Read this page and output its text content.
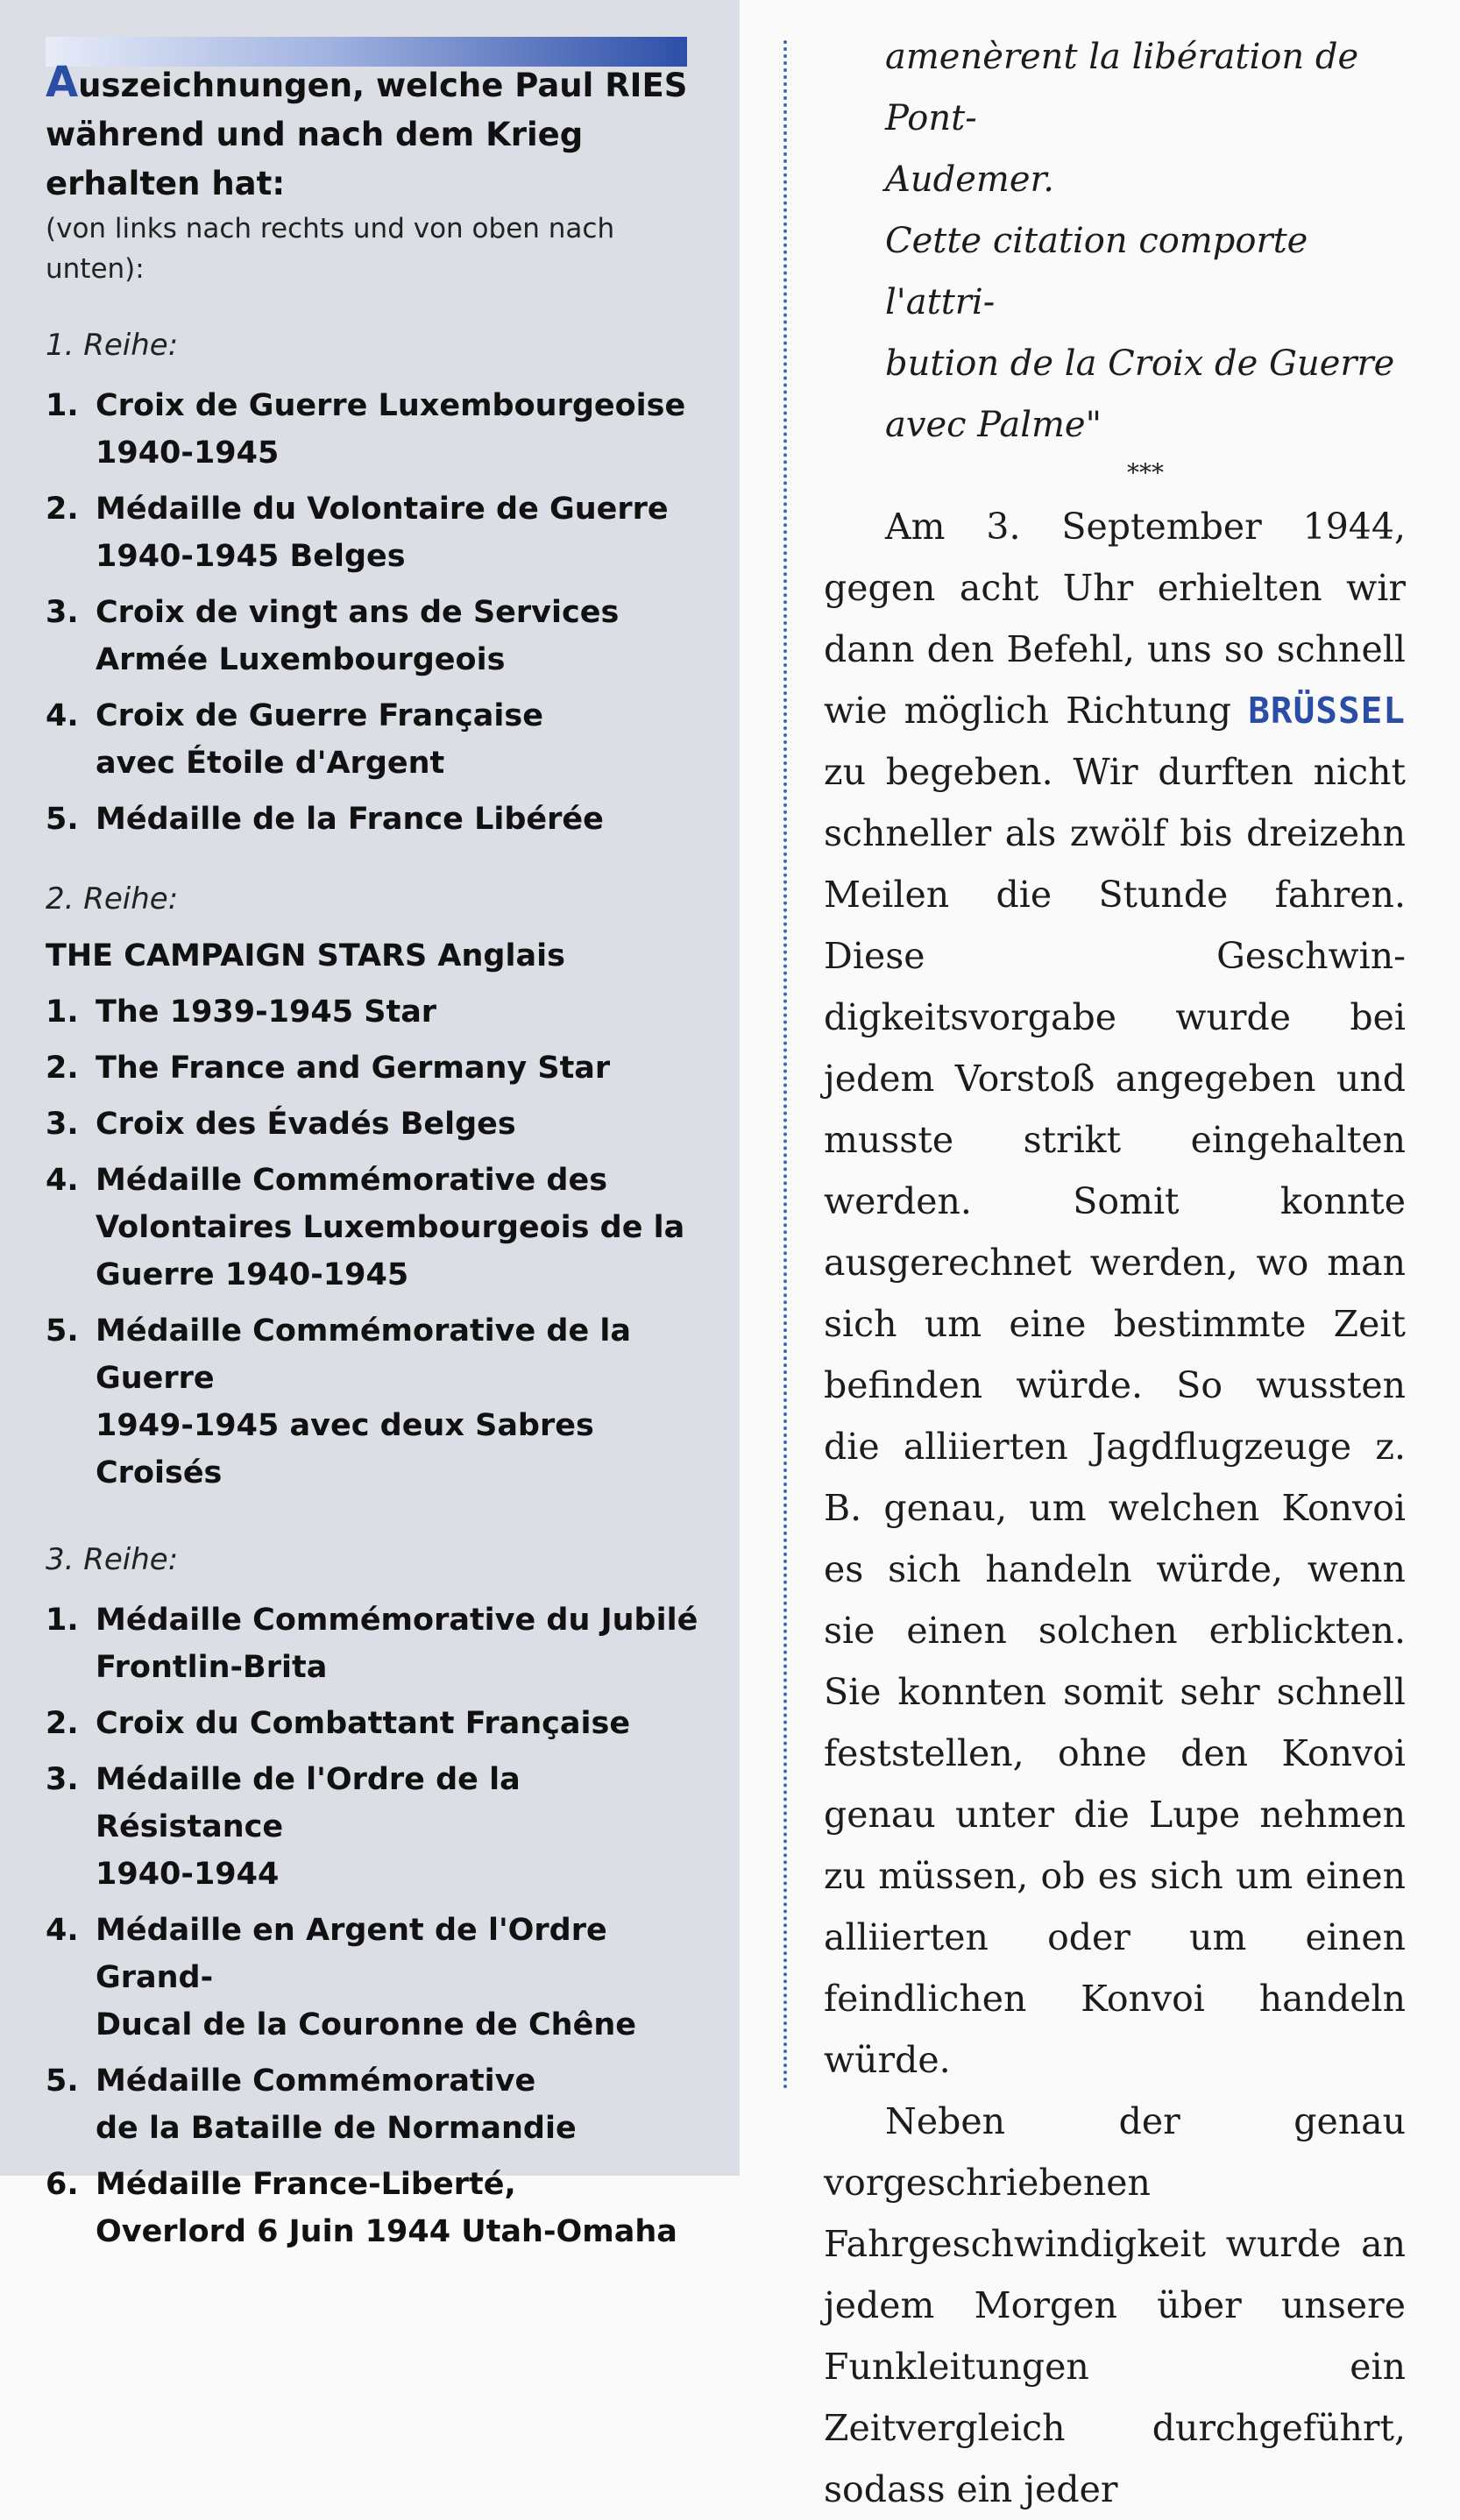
Auszeichnungen, welche Paul RIES
während und nach dem Krieg erhalten hat:

(von links nach rechts und von oben nach unten):

1. Reihe:

1. Croix de Guerre Luxembourgeoise
1940-1945
2. Médaille du Volontaire de Guerre
1940-1945 Belges
3. Croix de vingt ans de Services
Armée Luxembourgeois
4. Croix de Guerre Française
avec Étoile d'Argent
5. Médaille de la France Libérée

2. Reihe:

THE CAMPAIGN STARS Anglais

1. The 1939-1945 Star
2. The France and Germany Star
3. Croix des Évadés Belges
4. Médaille Commémorative des
Volontaires Luxembourgeois de la
Guerre 1940-1945
5. Médaille Commémorative de la Guerre
1949-1945 avec deux Sabres Croisés

3. Reihe:

1. Médaille Commémorative du Jubilé
Frontlin-Brita
2. Croix du Combattant Française
3. Médaille de l'Ordre de la Résistance
1940-1944
4. Médaille en Argent de l'Ordre Grand-
Ducal de la Couronne de Chêne
5. Médaille Commémorative
de la Bataille de Normandie
6. Médaille France-Liberté,
Overlord 6 Juin 1944 Utah-Omaha
amenèrent la libération de Pont-
Audemer.
Cette citation comporte l'attri-
bution de la Croix de Guerre
avec Palme"
***

Am 3. September 1944, gegen acht Uhr erhielten wir dann den Befehl, uns so schnell wie möglich Richtung BRÜSSEL zu begeben. Wir durften nicht schneller als zwölf bis dreizehn Meilen die Stunde fahren. Diese Geschwindigkeitsvorgabe wurde bei jedem Vorstoß angegeben und musste strikt eingehalten werden. Somit konnte ausgerechnet werden, wo man sich um eine bestimmte Zeit befinden würde. So wussten die alliierten Jagdflugzeuge z. B. genau, um welchen Konvoi es sich handeln würde, wenn sie einen solchen erblickten. Sie konnten somit sehr schnell feststellen, ohne den Konvoi genau unter die Lupe nehmen zu müssen, ob es sich um einen alliierten oder um einen feindlichen Konvoi handeln würde.

Neben der genau vorgeschriebenen Fahrgeschwindigkeit wurde an jedem Morgen über unsere Funkleitungen ein Zeitvergleich durchgeführt, sodass ein jeder
